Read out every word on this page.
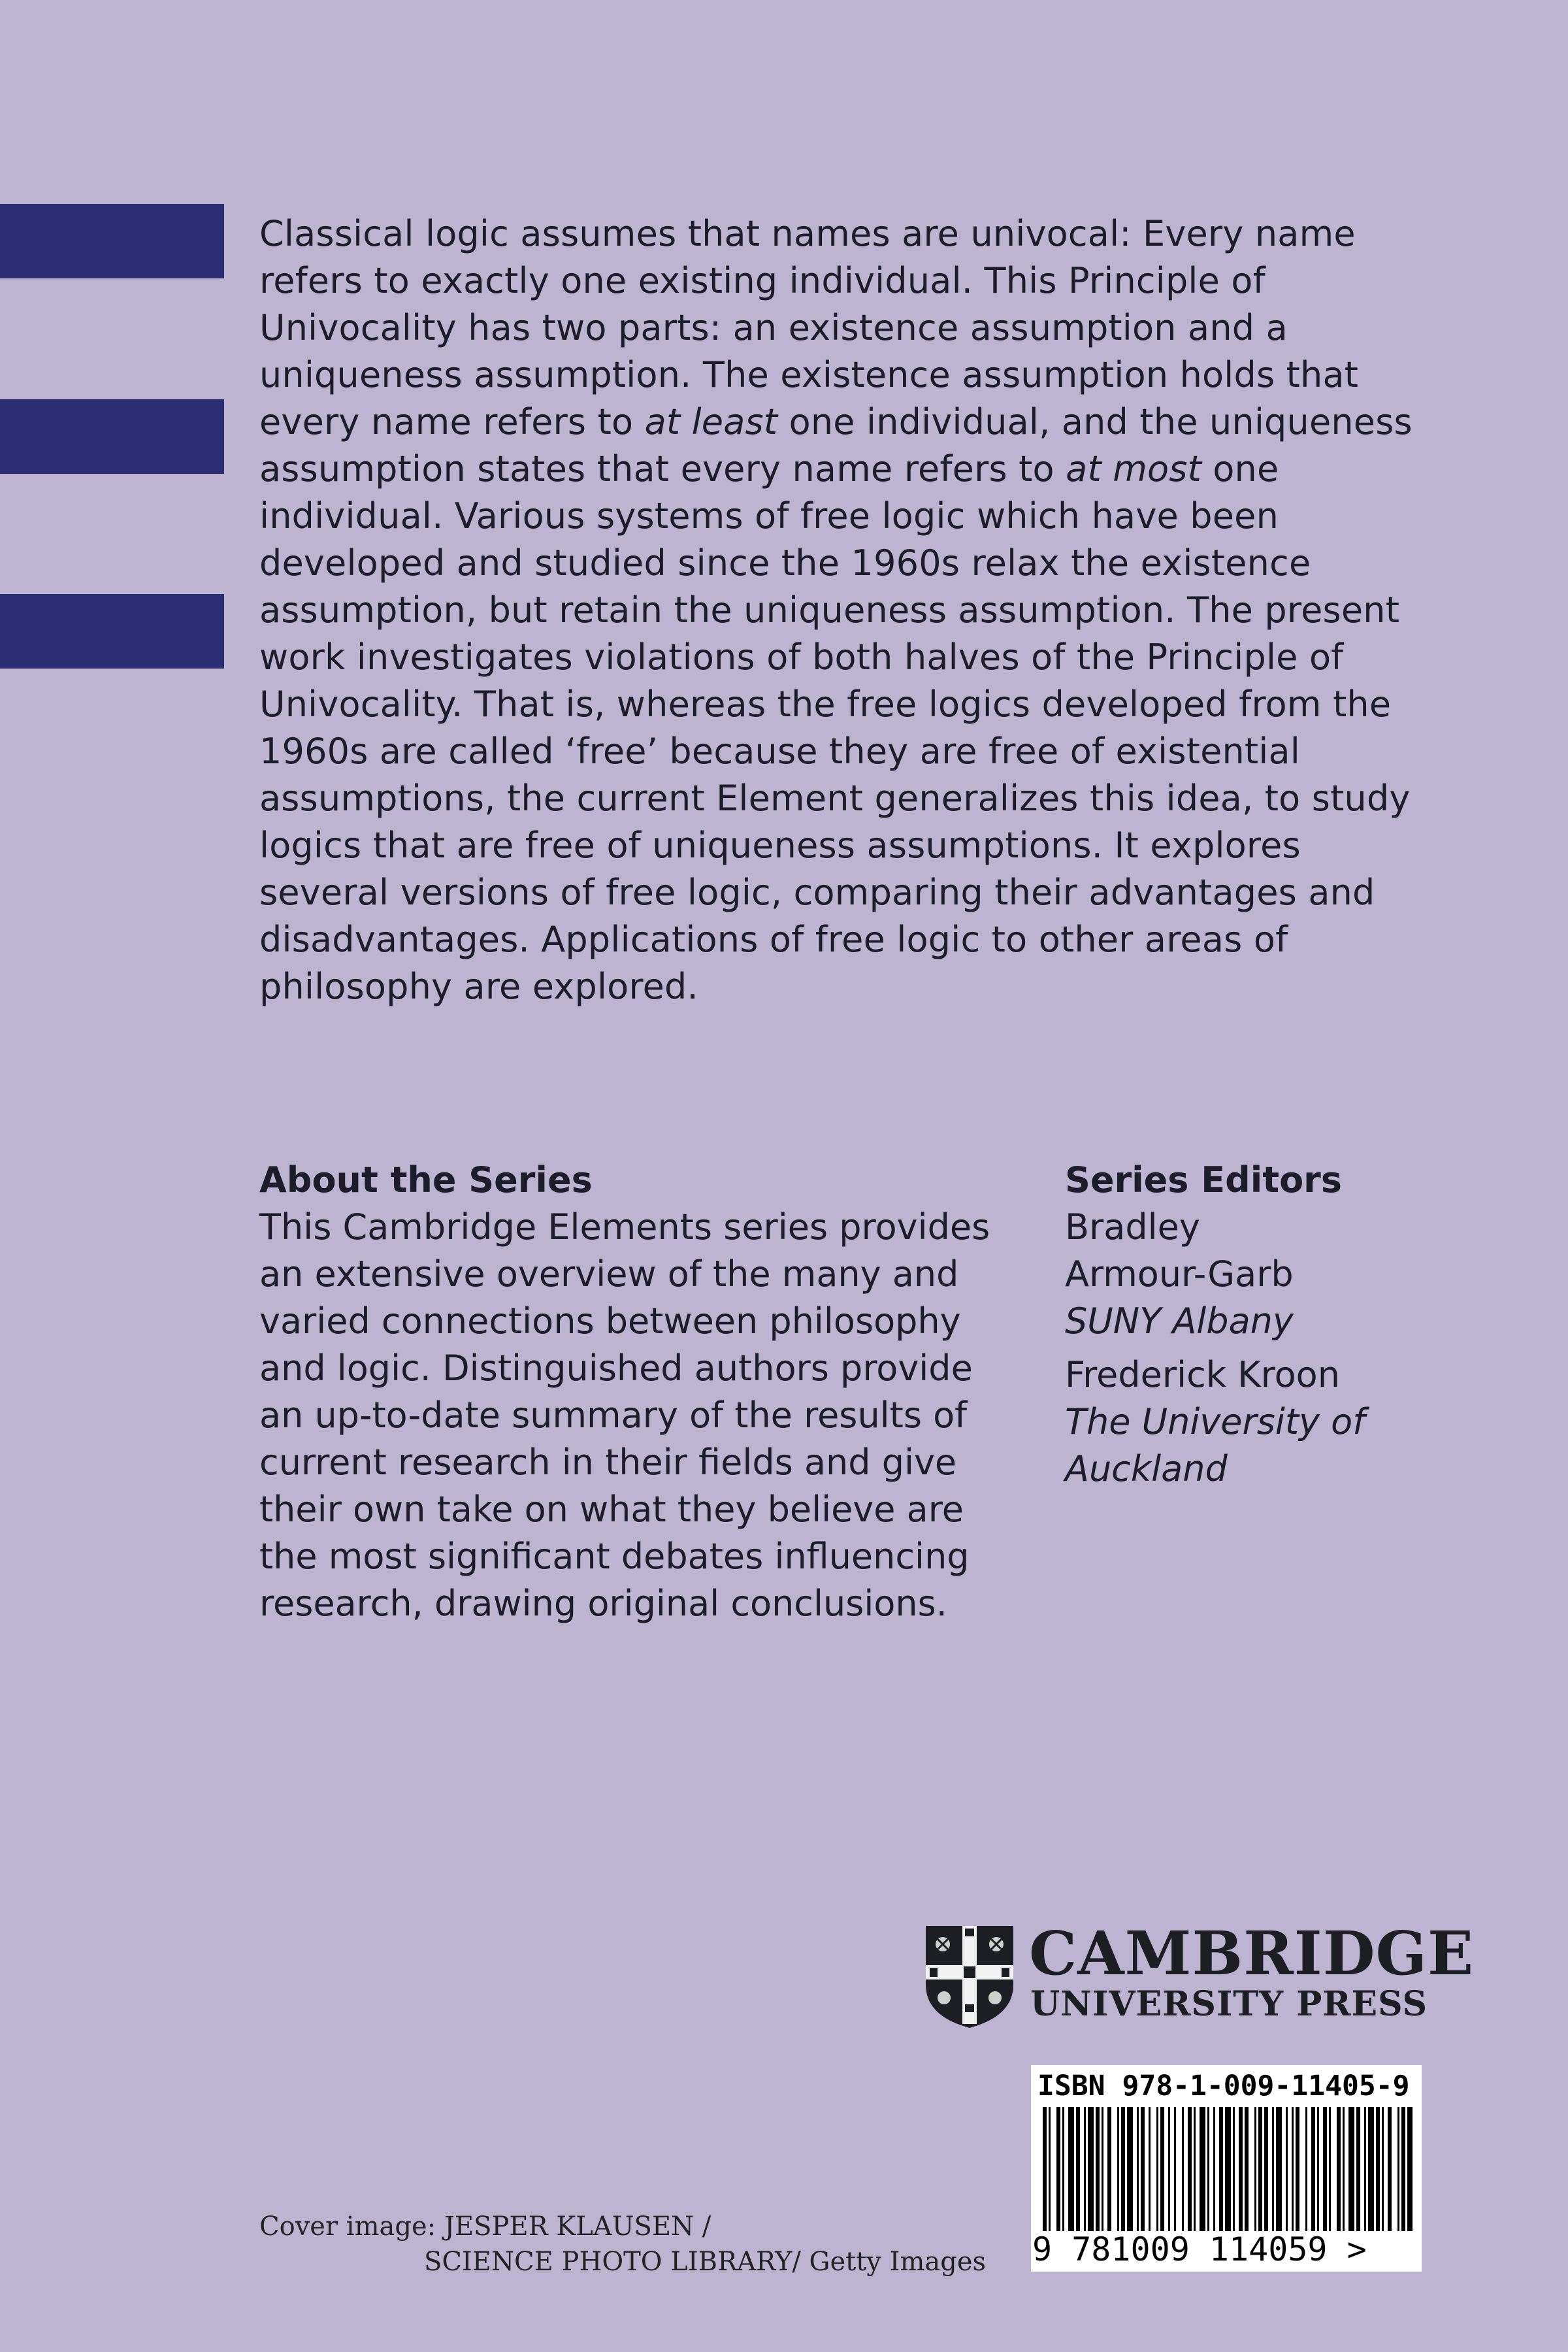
Classical logic assumes that names are univocal: Every name refers to exactly one existing individual. This Principle of Univocality has two parts: an existence assumption and a uniqueness assumption. The existence assumption holds that every name refers to at least one individual, and the uniqueness assumption states that every name refers to at most one individual. Various systems of free logic which have been developed and studied since the 1960s relax the existence assumption, but retain the uniqueness assumption. The present work investigates violations of both halves of the Principle of Univocality. That is, whereas the free logics developed from the 1960s are called ‘free’ because they are free of existential assumptions, the current Element generalizes this idea, to study logics that are free of uniqueness assumptions. It explores several versions of free logic, comparing their advantages and disadvantages. Applications of free logic to other areas of philosophy are explored.
About the Series
This Cambridge Elements series provides an extensive overview of the many and varied connections between philosophy and logic. Distinguished authors provide an up-to-date summary of the results of current research in their fields and give their own take on what they believe are the most significant debates influencing research, drawing original conclusions.
Series Editors
Bradley
Armour-Garb
SUNY Albany
Frederick Kroon
The University of
Auckland
CAMBRIDGE
UNIVERSITY PRESS
ISBN 978-1-009-11405-9
9 781009 114059 >
Cover image: JESPER KLAUSEN /
SCIENCE PHOTO LIBRARY/ Getty Images
